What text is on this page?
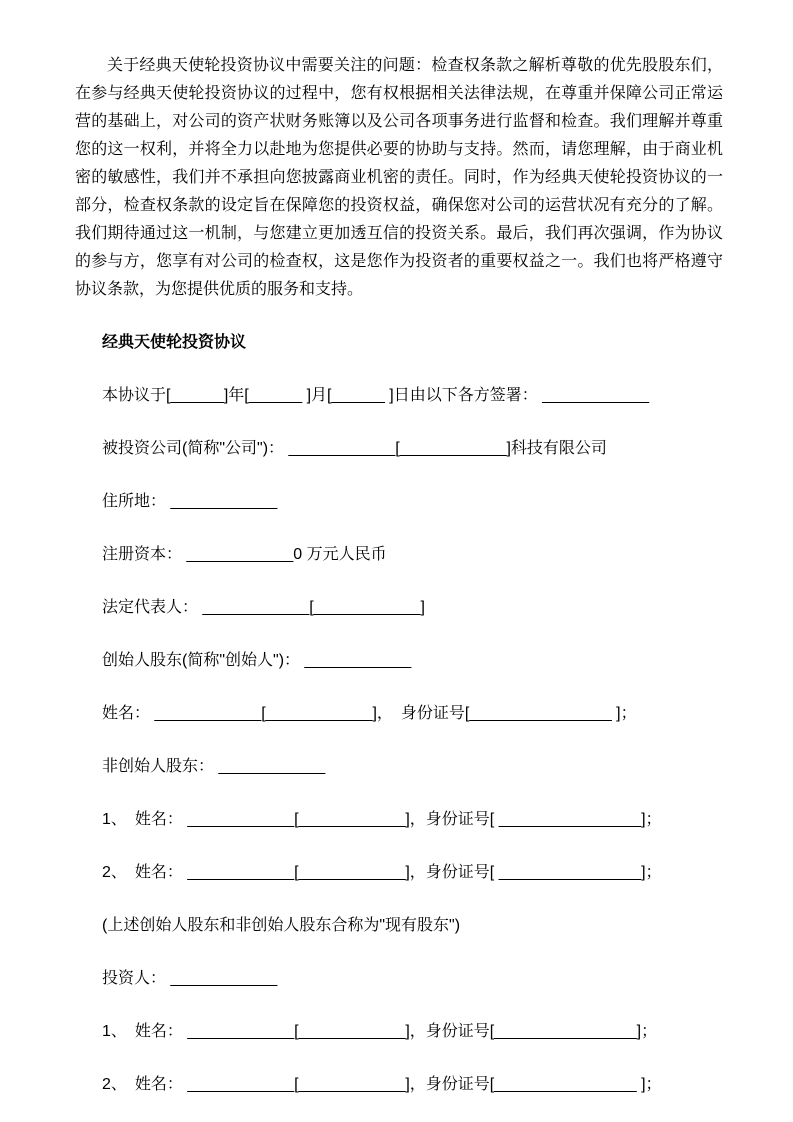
关于经典天使轮投资协议中需要关注的问题：检查权条款之解析尊敬的优先股股东们，在参与经典天使轮投资协议的过程中，您有权根据相关法律法规，在尊重并保障公司正常运营的基础上，对公司的资产状财务账簿以及公司各项事务进行监督和检查。我们理解并尊重您的这一权利，并将全力以赴地为您提供必要的协助与支持。然而，请您理解，由于商业机密的敏感性，我们并不承担向您披露商业机密的责任。同时，作为经典天使轮投资协议的一部分，检查权条款的设定旨在保障您的投资权益，确保您对公司的运营状况有充分的了解。我们期待通过这一机制，与您建立更加透互信的投资关系。最后，我们再次强调，作为协议的参与方，您享有对公司的检查权，这是您作为投资者的重要权益之一。我们也将严格遵守协议条款，为您提供优质的服务和支持。

经典天使轮投资协议

本协议于[______]年[______ ]月[______ ]日由以下各方签署： ____________

被投资公司(简称"公司")： ____________[____________]科技有限公司

住所地： ____________

注册资本： ____________0 万元人民币

法定代表人： ____________[____________]

创始人股东(简称"创始人")： ____________

姓名： ____________[____________]，　身份证号[________________ ]；

非创始人股东： ____________

1、　姓名： ____________[____________]，身份证号[ ________________]；

2、　姓名： ____________[____________]，身份证号[ ________________]；

(上述创始人股东和非创始人股东合称为"现有股东")

投资人： ____________

1、　姓名： ____________[____________]，身份证号[________________]；

2、　姓名： ____________[____________]，身份证号[________________ ]；
